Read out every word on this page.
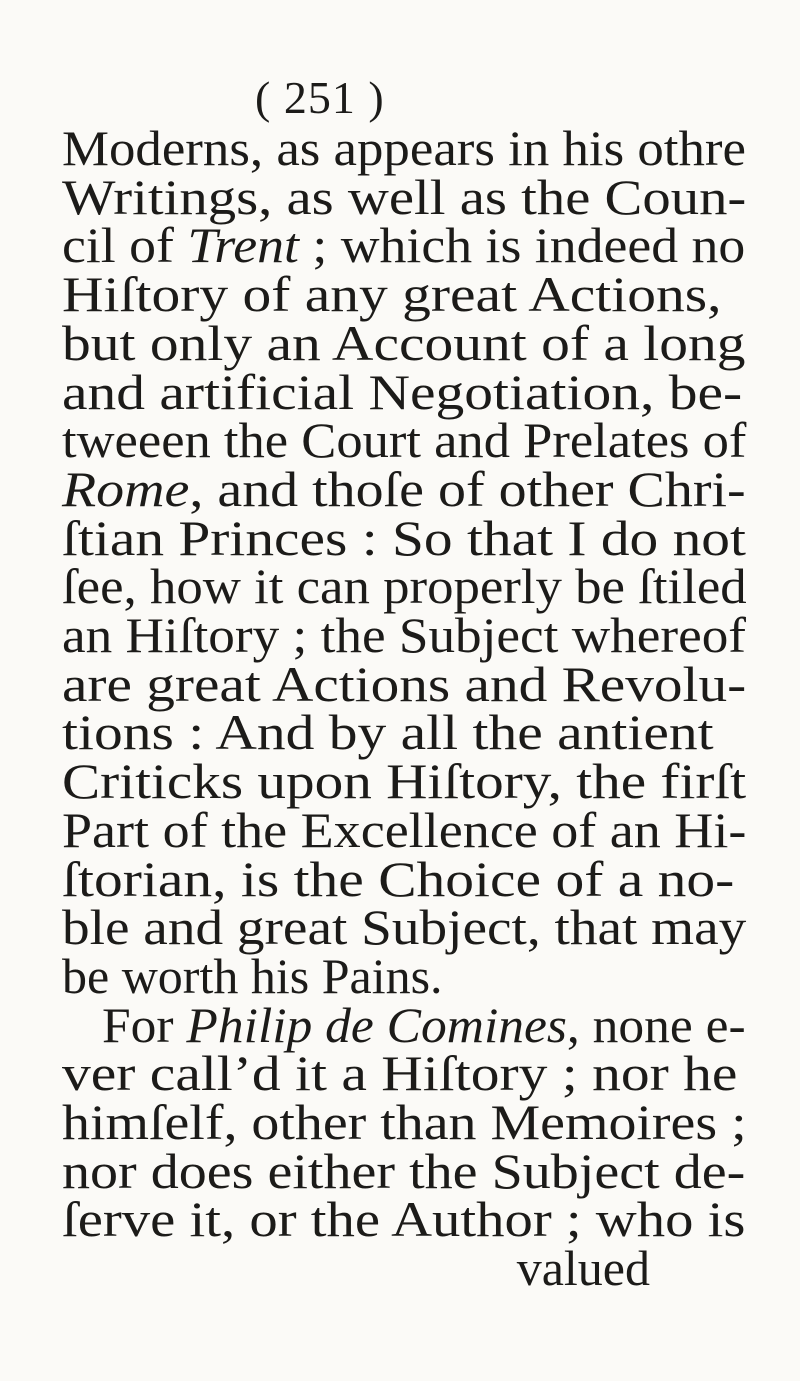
( 251 )
Moderns, as appears in his othre
Writings, as well as the Coun-
cil of Trent ; which is indeed no
Hiſtory of any great Actions,
but only an Account of a long
and artificial Negotiation, be-
tweeen the Court and Prelates of
Rome, and thoſe of other Chri-
ſtian Princes : So that I do not
ſee, how it can properly be ſtiled
an Hiſtory ; the Subject whereof
are great Actions and Revolu-
tions : And by all the antient
Criticks upon Hiſtory, the firſt
Part of the Excellence of an Hi-
ſtorian, is the Choice of a no-
ble and great Subject, that may
be worth his Pains.
For Philip de Comines, none e-
ver call’d it a Hiſtory ; nor he
himſelf, other than Memoires ;
nor does either the Subject de-
ſerve it, or the Author ; who is
valued
